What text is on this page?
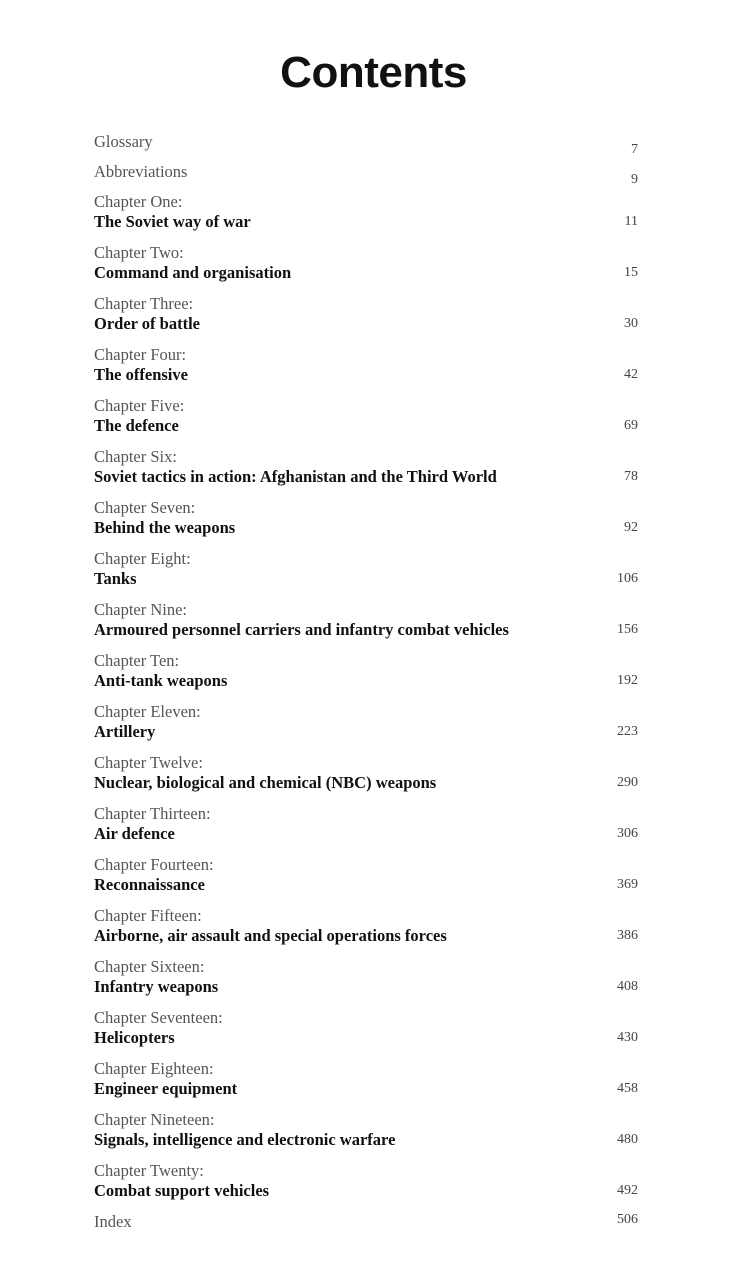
Contents
Glossary	7
Abbreviations	9
Chapter One:
The Soviet way of war	11
Chapter Two:
Command and organisation	15
Chapter Three:
Order of battle	30
Chapter Four:
The offensive	42
Chapter Five:
The defence	69
Chapter Six:
Soviet tactics in action: Afghanistan and the Third World	78
Chapter Seven:
Behind the weapons	92
Chapter Eight:
Tanks	106
Chapter Nine:
Armoured personnel carriers and infantry combat vehicles	156
Chapter Ten:
Anti-tank weapons	192
Chapter Eleven:
Artillery	223
Chapter Twelve:
Nuclear, biological and chemical (NBC) weapons	290
Chapter Thirteen:
Air defence	306
Chapter Fourteen:
Reconnaissance	369
Chapter Fifteen:
Airborne, air assault and special operations forces	386
Chapter Sixteen:
Infantry weapons	408
Chapter Seventeen:
Helicopters	430
Chapter Eighteen:
Engineer equipment	458
Chapter Nineteen:
Signals, intelligence and electronic warfare	480
Chapter Twenty:
Combat support vehicles	492
Index	506
